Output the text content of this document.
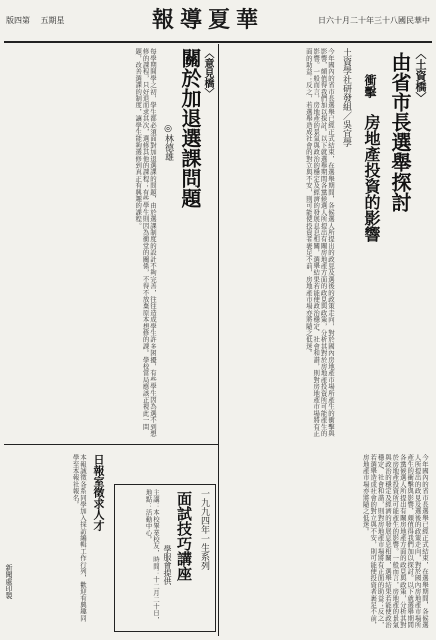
版四第 五期星	報導夏華	日六十月二十年三十八國民華中
〈土資橋〉
由省市長選舉探討
房地產投資的影響
衝擊
土資學社研發組／吳宜學
今年國內的省市長選舉已經正式結束，在選舉期間，各候選人所提出的政見及選後的政策走向，對於國內房地產市場所產生的衝擊與影響，頗值得我們加以探討。以下就選舉期間各黨候選人所提出有關房地產方面的政見與政策，分析其對於房地產投資所可能產生的影響。一般而言，房地產的景氣與政治的穩定及經濟的發展息息相關，選舉結果若能使政治穩定、社會和諧，則對房地產市場將有正面的助益；反之，若選舉造成社會的對立與不安，則可能使投資者裹足不前，房地產市場亦將隨之低迷。
今年國內的省市長選舉已經正式結束，在選舉期間，各候選人所提出的政見及選後的政策走向，對於國內房地產市場所產生的衝擊與影響，頗值得我們加以探討。以下就選舉期間各黨候選人所提出有關房地產方面的政見與政策，分析其對於房地產投資所可能產生的影響。一般而言，房地產的景氣與政治的穩定及經濟的發展息息相關，選舉結果若能使政治穩定、社會和諧，則對房地產市場將有正面的助益；反之，若選舉造成社會的對立與不安，則可能使投資者裹足不前，房地產市場亦將隨之低迷。
〈意見橋〉
關於加退選課問題
◎林德雄
每學期開學之初，學生都必須面對加退選課的問題，由於選課制度的設計不夠完善，往往造成學生許多困擾，有些學生因為選不到想修的課程，只好退而求其次，選修其他的課程；有些學生則因為衝堂的關係，不得不放棄原本想修的課。學校當局應該正視此一問題，改善選課的制度，讓學生能夠選修到真正有興趣的課程。
一九九四年一生系列
面試技巧講座
學服會提供
主講：本校畢業校友，時間：十二月二十日，地點：活動中心。
日報室徵求人才
本報誠徵各系同學加入採訪編輯工作行列，歡迎有興趣同學至本報社報名。
新聞處印製
